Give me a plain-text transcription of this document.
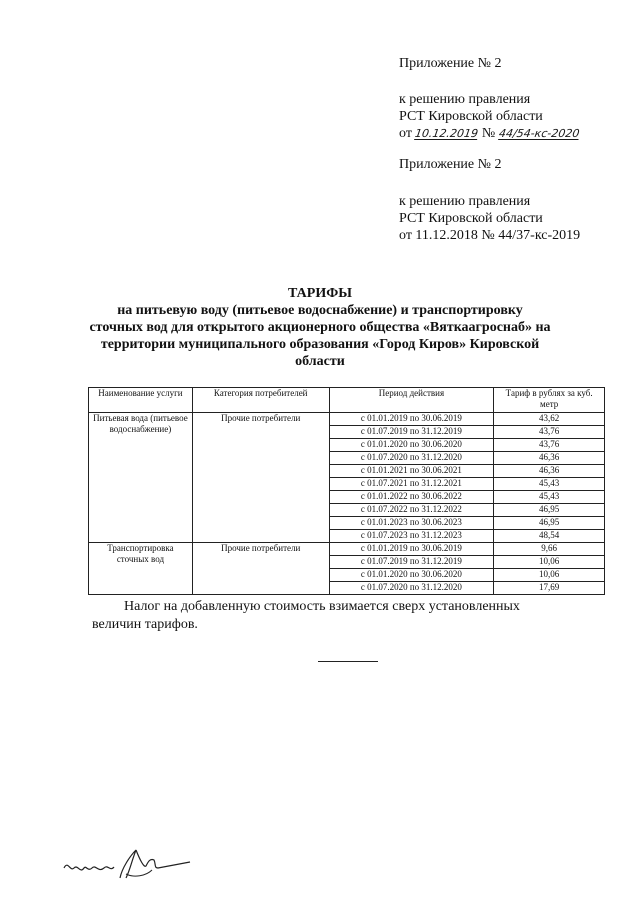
Приложение № 2
к решению правления
РСТ Кировской области
от 10.12.2019 № 44/54-кс-2020
Приложение № 2
к решению правления
РСТ Кировской области
от 11.12.2018 № 44/37-кс-2019
ТАРИФЫ
на питьевую воду (питьевое водоснабжение) и транспортировку
сточных вод для открытого акционерного общества «Вяткаагроснаб» на
территории муниципального образования «Город Киров» Кировской
области
Наименование услуги	Категория потребителей	Период действия	Тариф в рублях за куб. метр
Питьевая вода (питьевое водоснабжение)	Прочие потребители	с 01.01.2019 по 30.06.2019	43,62
		с 01.07.2019 по 31.12.2019	43,76
		с 01.01.2020 по 30.06.2020	43,76
		с 01.07.2020 по 31.12.2020	46,36
		с 01.01.2021 по 30.06.2021	46,36
		с 01.07.2021 по 31.12.2021	45,43
		с 01.01.2022 по 30.06.2022	45,43
		с 01.07.2022 по 31.12.2022	46,95
		с 01.01.2023 по 30.06.2023	46,95
		с 01.07.2023 по 31.12.2023	48,54
Транспортировка сточных вод	Прочие потребители	с 01.01.2019 по 30.06.2019	9,66
		с 01.07.2019 по 31.12.2019	10,06
		с 01.01.2020 по 30.06.2020	10,06
		с 01.07.2020 по 31.12.2020	17,69
Налог на добавленную стоимость взимается сверх установленных
величин тарифов.
